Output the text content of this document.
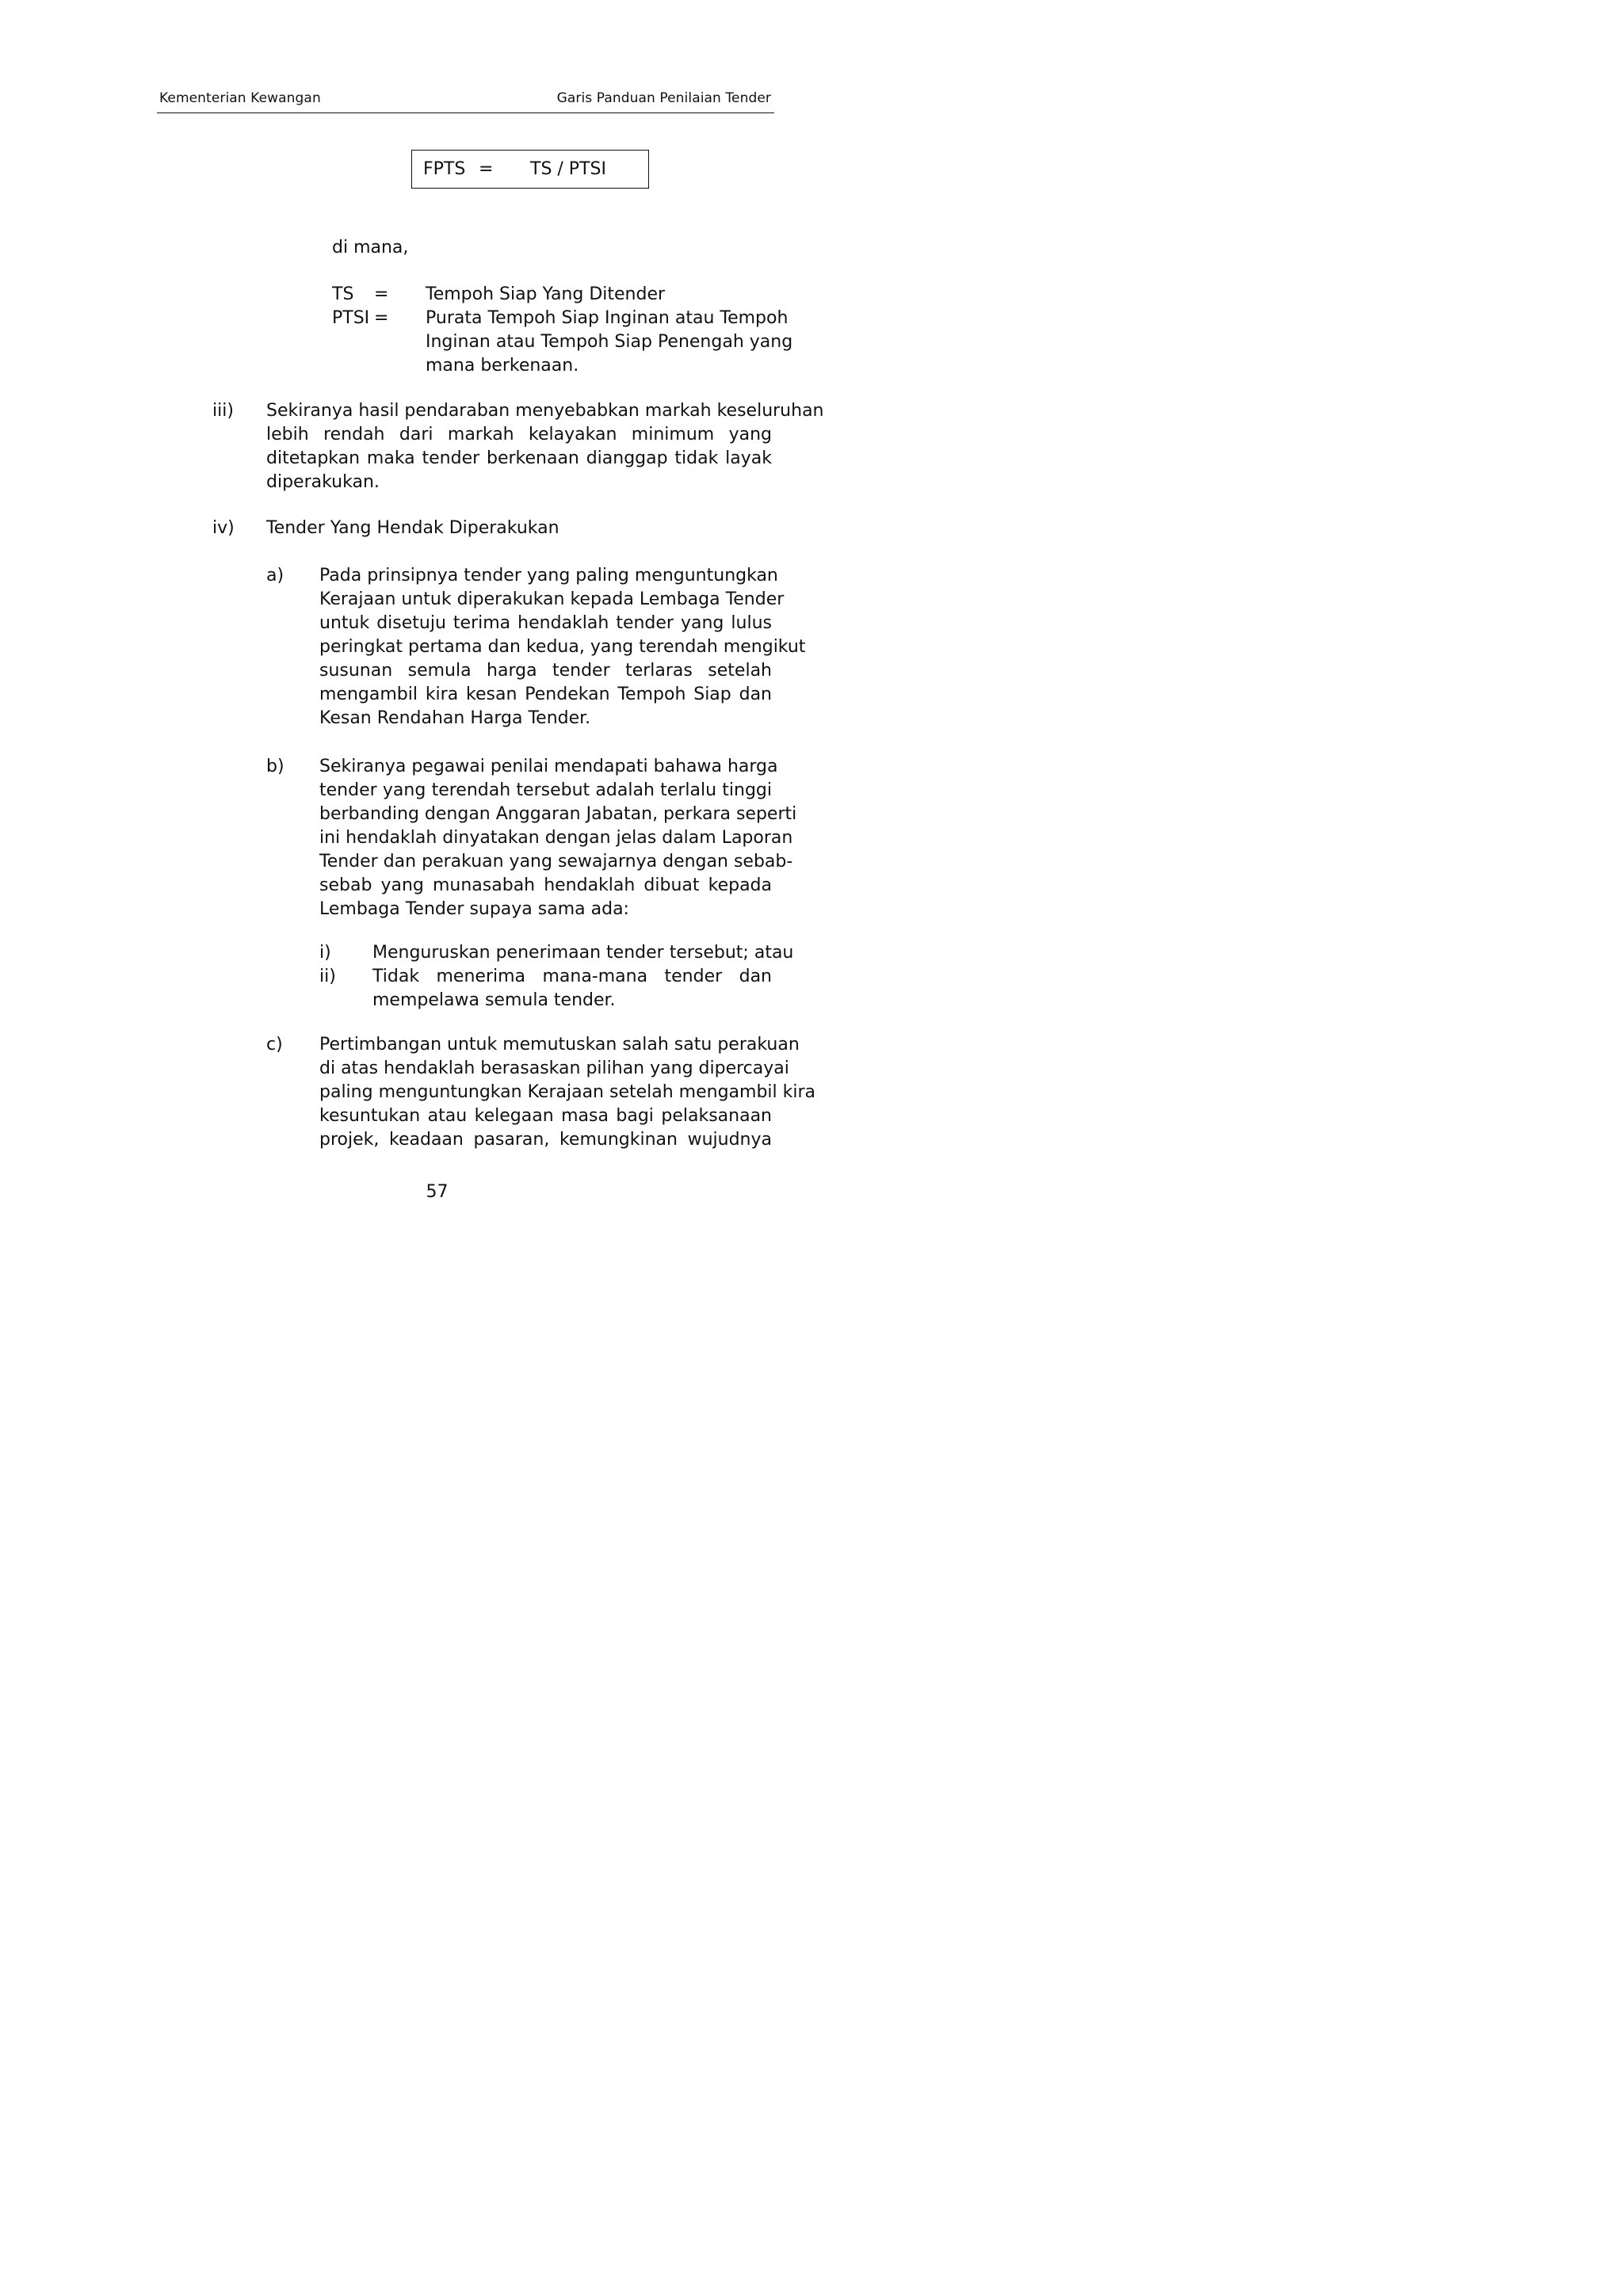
Kementerian Kewangan	Garis Panduan Penilaian Tender
FPTS = TS / PTSI
di mana,
TS = Tempoh Siap Yang Ditender
PTSI = Purata Tempoh Siap Inginan atau Tempoh
Inginan atau Tempoh Siap Penengah yang
mana berkenaan.
iii) Sekiranya hasil pendaraban menyebabkan markah keseluruhan
lebih rendah dari markah kelayakan minimum yang
ditetapkan maka tender berkenaan dianggap tidak layak
diperakukan.
iv) Tender Yang Hendak Diperakukan
a) Pada prinsipnya tender yang paling menguntungkan
Kerajaan untuk diperakukan kepada Lembaga Tender
untuk disetuju terima hendaklah tender yang lulus
peringkat pertama dan kedua, yang terendah mengikut
susunan semula harga tender terlaras setelah
mengambil kira kesan Pendekan Tempoh Siap dan
Kesan Rendahan Harga Tender.
b) Sekiranya pegawai penilai mendapati bahawa harga
tender yang terendah tersebut adalah terlalu tinggi
berbanding dengan Anggaran Jabatan, perkara seperti
ini hendaklah dinyatakan dengan jelas dalam Laporan
Tender dan perakuan yang sewajarnya dengan sebab-
sebab yang munasabah hendaklah dibuat kepada
Lembaga Tender supaya sama ada:
i) Menguruskan penerimaan tender tersebut; atau
ii) Tidak menerima mana-mana tender dan
mempelawa semula tender.
c) Pertimbangan untuk memutuskan salah satu perakuan
di atas hendaklah berasaskan pilihan yang dipercayai
paling menguntungkan Kerajaan setelah mengambil kira
kesuntukan atau kelegaan masa bagi pelaksanaan
projek, keadaan pasaran, kemungkinan wujudnya
57
